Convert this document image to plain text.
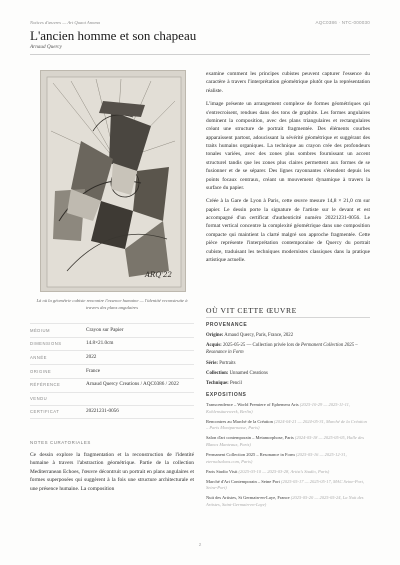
Notices d'œuvres — Art Quaot Anoma	AQC0386 · NTC-000030
L'ancien homme et son chapeau
Arnaud Quercy
ARQ'22
Là où la géométrie cubiste rencontre l'essence humaine — l'identité reconstruite à travers des plans angulaires
MÉDIUM	Crayon sur Papier
DIMENSIONS	14.8×21.0cm
ANNÉE	2022
ORIGINE	France
RÉFÉRENCE	Arnaud Quercy Creations / AQC0386 / 2022
VENDU
CERTIFICAT	20221231-0056
NOTES CURATORIALES
Ce dessin explore la fragmentation et la reconstruction de l'identité humaine à travers l'abstraction géométrique. Partie de la collection Mediterranean Echoes, l'œuvre décontruit un portrait en plans angulaires et formes superposées qui suggèrent à la fois une structure architecturale et une présence humaine. La composition

examine comment les principes cubistes peuvent capturer l'essence du caractère à travers l'interprétation géométrique plutôt que la représentation réaliste.

L'image présente un arrangement complexe de formes géométriques qui s'entrecroisent, rendues dans des tons de graphite. Les formes angulaires dominent la composition, avec des plans triangulaires et rectangulaires créant une structure de portrait fragmentée. Des éléments courbes apparaissent partout, adoucissant la sévérité géométrique et suggérant des traits humains organiques. La technique au crayon crée des profondeurs tonales variées, avec des zones plus sombres fournissant un accent structurel tandis que les zones plus claires permettent aux formes de se fusionner et de se séparer. Des lignes rayonnantes s'étendent depuis les points focaux centraux, créant un mouvement dynamique à travers la surface du papier.

Créée à la Gare de Lyon à Paris, cette œuvre mesure 14,8 × 21,0 cm sur papier. Le dessin porte la signature de l'artiste sur le devant et est accompagné d'un certificat d'authenticité numéro 20221231-0056. Le format vertical concentre la complexité géométrique dans une composition compacte qui maintient la clarté malgré son approche fragmentée. Cette pièce représente l'interprétation contemporaine de Quercy du portrait cubiste, traduisant les techniques modernistes classiques dans la pratique artistique actuelle.

OÙ VIT CETTE ŒUVRE
PROVENANCE
Origine: Arnaud Quercy, Paris, France, 2022
Acquis: 2025-05-25 — Collection privée lors de Permanent Collection 2025 – Resonance in Form
Série: Portraits
Collection: Unnamed Creations
Technique: Pencil
EXPOSITIONS
Transcendence – World Premiere of Ephemera Arts (2025-10-29 — 2025-11-11, Kohlensäurewerk, Berlin)
Rencontres au Marché de la Création (2024-04-21 — 2024-05-31, Marché de la Création – Paris Montparnasse, Paris)
Salon d'art contemporain – Metamorphose, Paris (2024-05-18 — 2025-05-05, Halle des Blancs Manteaux, Paris)
Permanent Collection 2025 – Resonance in Form (2025-05-16 — 2025-12-31, eternalsalons.com, Paris)
Paris Studio Visit (2025-03-10 — 2025-03-28, Artist's Studio, Paris)
Marché d'Art Contemporain – Seine Port (2025-05-17 — 2025-05-17, MAC Seine-Port, Seine-Port)
Nuit des Artistes, St Germain-en-Laye, France (2025-05-20 — 2025-05-24, La Nuit des Artistes, Saint-Germain-en-Laye)
2
